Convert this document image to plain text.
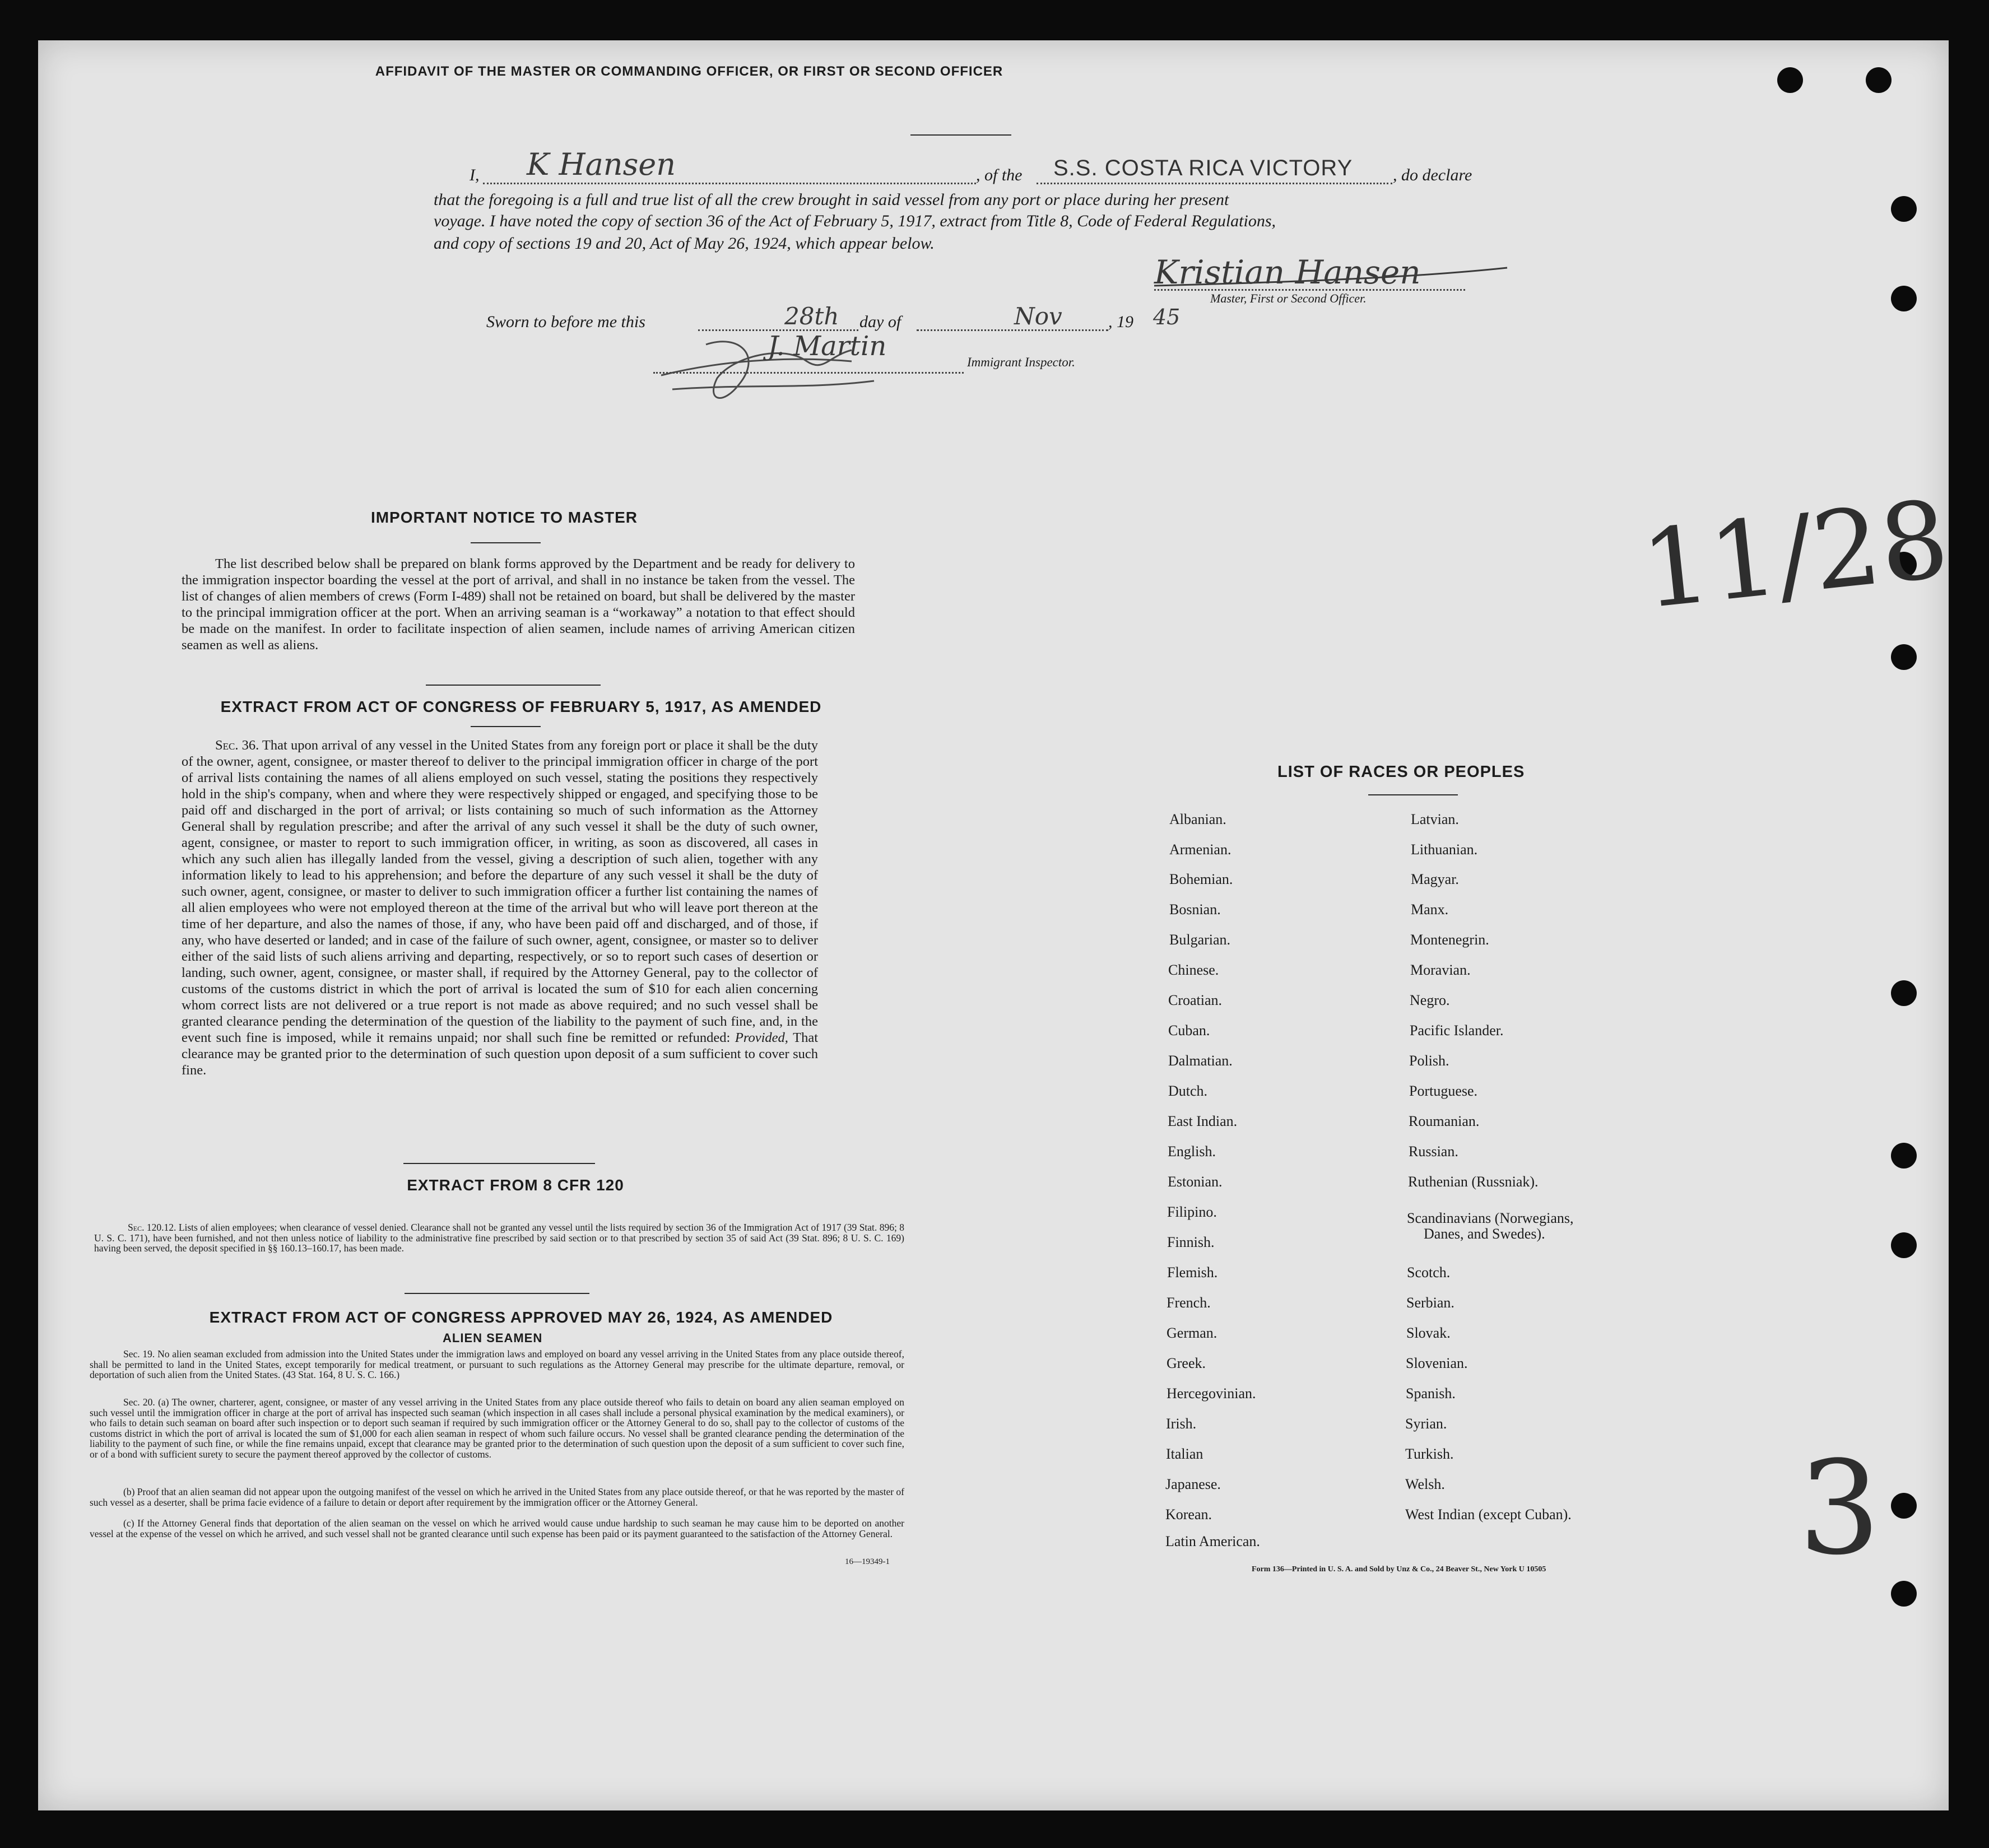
AFFIDAVIT OF THE MASTER OR COMMANDING OFFICER, OR FIRST OR SECOND OFFICER
I, K Hansen	, of the S.S. COSTA RICA VICTORY , do declare
that the foregoing is a full and true list of all the crew brought in said vessel from any port or place during her present
voyage. I have noted the copy of section 36 of the Act of February 5, 1917, extract from Title 8, Code of Federal Regulations,
and copy of sections 19 and 20, Act of May 26, 1924, which appear below.
Kristian Hansen
Master, First or Second Officer.
Sworn to before me this	28th day of	Nov	, 19 45
J. Martin
Immigrant Inspector.
11/28
3
IMPORTANT NOTICE TO MASTER
The list described below shall be prepared on blank forms approved by the Department and be ready for delivery to the immigration inspector boarding the vessel at the port of arrival, and shall in no instance be taken from the vessel. The list of changes of alien members of crews (Form I-489) shall not be retained on board, but shall be delivered by the master to the principal immigration officer at the port. When an arriving seaman is a “workaway” a notation to that effect should be made on the manifest. In order to facilitate inspection of alien seamen, include names of arriving American citizen seamen as well as aliens.
EXTRACT FROM ACT OF CONGRESS OF FEBRUARY 5, 1917, AS AMENDED
Sec. 36. That upon arrival of any vessel in the United States from any foreign port or place it shall be the duty of the owner, agent, consignee, or master thereof to deliver to the principal immigration officer in charge of the port of arrival lists containing the names of all aliens employed on such vessel, stating the positions they respectively hold in the ship's company, when and where they were respectively shipped or engaged, and specifying those to be paid off and discharged in the port of arrival; or lists containing so much of such information as the Attorney General shall by regulation prescribe; and after the arrival of any such vessel it shall be the duty of such owner, agent, consignee, or master to report to such immigration officer, in writing, as soon as discovered, all cases in which any such alien has illegally landed from the vessel, giving a description of such alien, together with any information likely to lead to his apprehension; and before the departure of any such vessel it shall be the duty of such owner, agent, consignee, or master to deliver to such immigration officer a further list containing the names of all alien employees who were not employed thereon at the time of the arrival but who will leave port thereon at the time of her departure, and also the names of those, if any, who have been paid off and discharged, and of those, if any, who have deserted or landed; and in case of the failure of such owner, agent, consignee, or master so to deliver either of the said lists of such aliens arriving and departing, respectively, or so to report such cases of desertion or landing, such owner, agent, consignee, or master shall, if required by the Attorney General, pay to the collector of customs of the customs district in which the port of arrival is located the sum of $10 for each alien concerning whom correct lists are not delivered or a true report is not made as above required; and no such vessel shall be granted clearance pending the determination of the question of the liability to the payment of such fine, and, in the event such fine is imposed, while it remains unpaid; nor shall such fine be remitted or refunded: Provided, That clearance may be granted prior to the determination of such question upon deposit of a sum sufficient to cover such fine.
EXTRACT FROM 8 CFR 120
Sec. 120.12. Lists of alien employees; when clearance of vessel denied. Clearance shall not be granted any vessel until the lists required by section 36 of the Immigration Act of 1917 (39 Stat. 896; 8 U. S. C. 171), have been furnished, and not then unless notice of liability to the administrative fine prescribed by said section or to that prescribed by section 35 of said Act (39 Stat. 896; 8 U. S. C. 169) having been served, the deposit specified in §§ 160.13–160.17, has been made.
EXTRACT FROM ACT OF CONGRESS APPROVED MAY 26, 1924, AS AMENDED
ALIEN SEAMEN
Sec. 19. No alien seaman excluded from admission into the United States under the immigration laws and employed on board any vessel arriving in the United States from any place outside thereof, shall be permitted to land in the United States, except temporarily for medical treatment, or pursuant to such regulations as the Attorney General may prescribe for the ultimate departure, removal, or deportation of such alien from the United States. (43 Stat. 164, 8 U. S. C. 166.)
Sec. 20. (a) The owner, charterer, agent, consignee, or master of any vessel arriving in the United States from any place outside thereof who fails to detain on board any alien seaman employed on such vessel until the immigration officer in charge at the port of arrival has inspected such seaman (which inspection in all cases shall include a personal physical examination by the medical examiners), or who fails to detain such seaman on board after such inspection or to deport such seaman if required by such immigration officer or the Attorney General to do so, shall pay to the collector of customs of the customs district in which the port of arrival is located the sum of $1,000 for each alien seaman in respect of whom such failure occurs. No vessel shall be granted clearance pending the determination of the liability to the payment of such fine, or while the fine remains unpaid, except that clearance may be granted prior to the determination of such question upon the deposit of a sum sufficient to cover such fine, or of a bond with sufficient surety to secure the payment thereof approved by the collector of customs.
(b) Proof that an alien seaman did not appear upon the outgoing manifest of the vessel on which he arrived in the United States from any place outside thereof, or that he was reported by the master of such vessel as a deserter, shall be prima facie evidence of a failure to detain or deport after requirement by the immigration officer or the Attorney General.
(c) If the Attorney General finds that deportation of the alien seaman on the vessel on which he arrived would cause undue hardship to such seaman he may cause him to be deported on another vessel at the expense of the vessel on which he arrived, and such vessel shall not be granted clearance until such expense has been paid or its payment guaranteed to the satisfaction of the Attorney General.
16—19349-1
LIST OF RACES OR PEOPLES
Albanian.
Armenian.
Bohemian.
Bosnian.
Bulgarian.
Chinese.
Croatian.
Cuban.
Dalmatian.
Dutch.
East Indian.
English.
Estonian.
Filipino.
Finnish.
Flemish.
French.
German.
Greek.
Hercegovinian.
Irish.
Italian
Japanese.
Korean.
Latin American.
Latvian.
Lithuanian.
Magyar.
Manx.
Montenegrin.
Moravian.
Negro.
Pacific Islander.
Polish.
Portuguese.
Roumanian.
Russian.
Ruthenian (Russniak).
Scandinavians (Norwegians,
Danes, and Swedes).
Scotch.
Serbian.
Slovak.
Slovenian.
Spanish.
Syrian.
Turkish.
Welsh.
West Indian (except Cuban).
Form 136—Printed in U. S. A. and Sold by Unz & Co., 24 Beaver St., New York U 10505
